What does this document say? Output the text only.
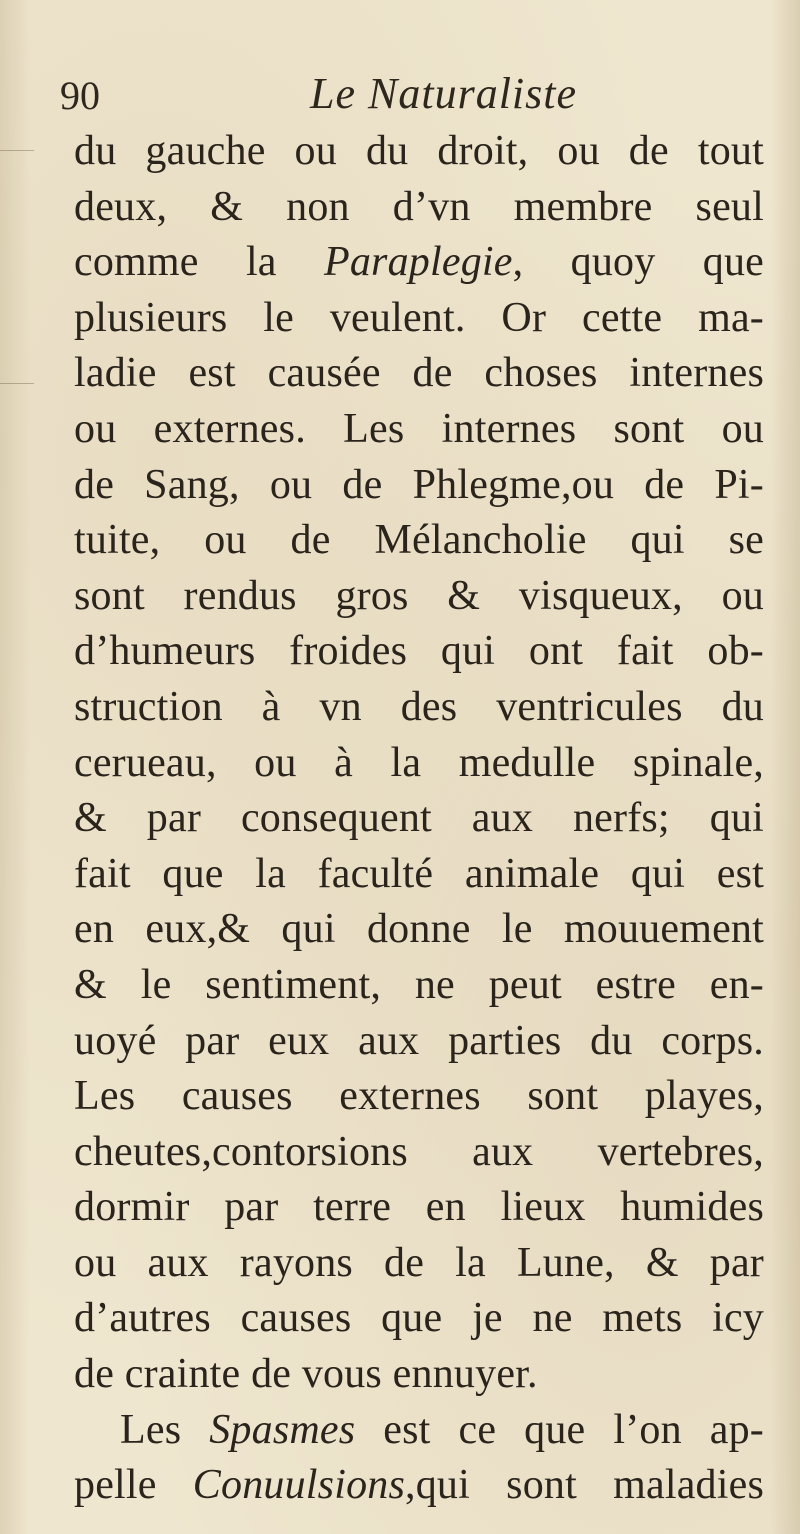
90	Le Naturaliste
du gauche ou du droit, ou de tout
deux, & non d’vn membre seul
comme la Paraplegie, quoy que
plusieurs le veulent. Or cette ma-
ladie est causée de choses internes
ou externes. Les internes sont ou
de Sang, ou de Phlegme,ou de Pi-
tuite, ou de Mélancholie qui se
sont rendus gros & visqueux, ou
d’humeurs froides qui ont fait ob-
struction à vn des ventricules du
cerueau, ou à la medulle spinale,
& par consequent aux nerfs; qui
fait que la faculté animale qui est
en eux,& qui donne le mouuement
& le sentiment, ne peut estre en-
uoyé par eux aux parties du corps.
Les causes externes sont playes,
cheutes,contorsions aux vertebres,
dormir par terre en lieux humides
ou aux rayons de la Lune, & par
d’autres causes que je ne mets icy
de crainte de vous ennuyer.
Les Spasmes est ce que l’on ap-
pelle Conuulsions,qui sont maladies
